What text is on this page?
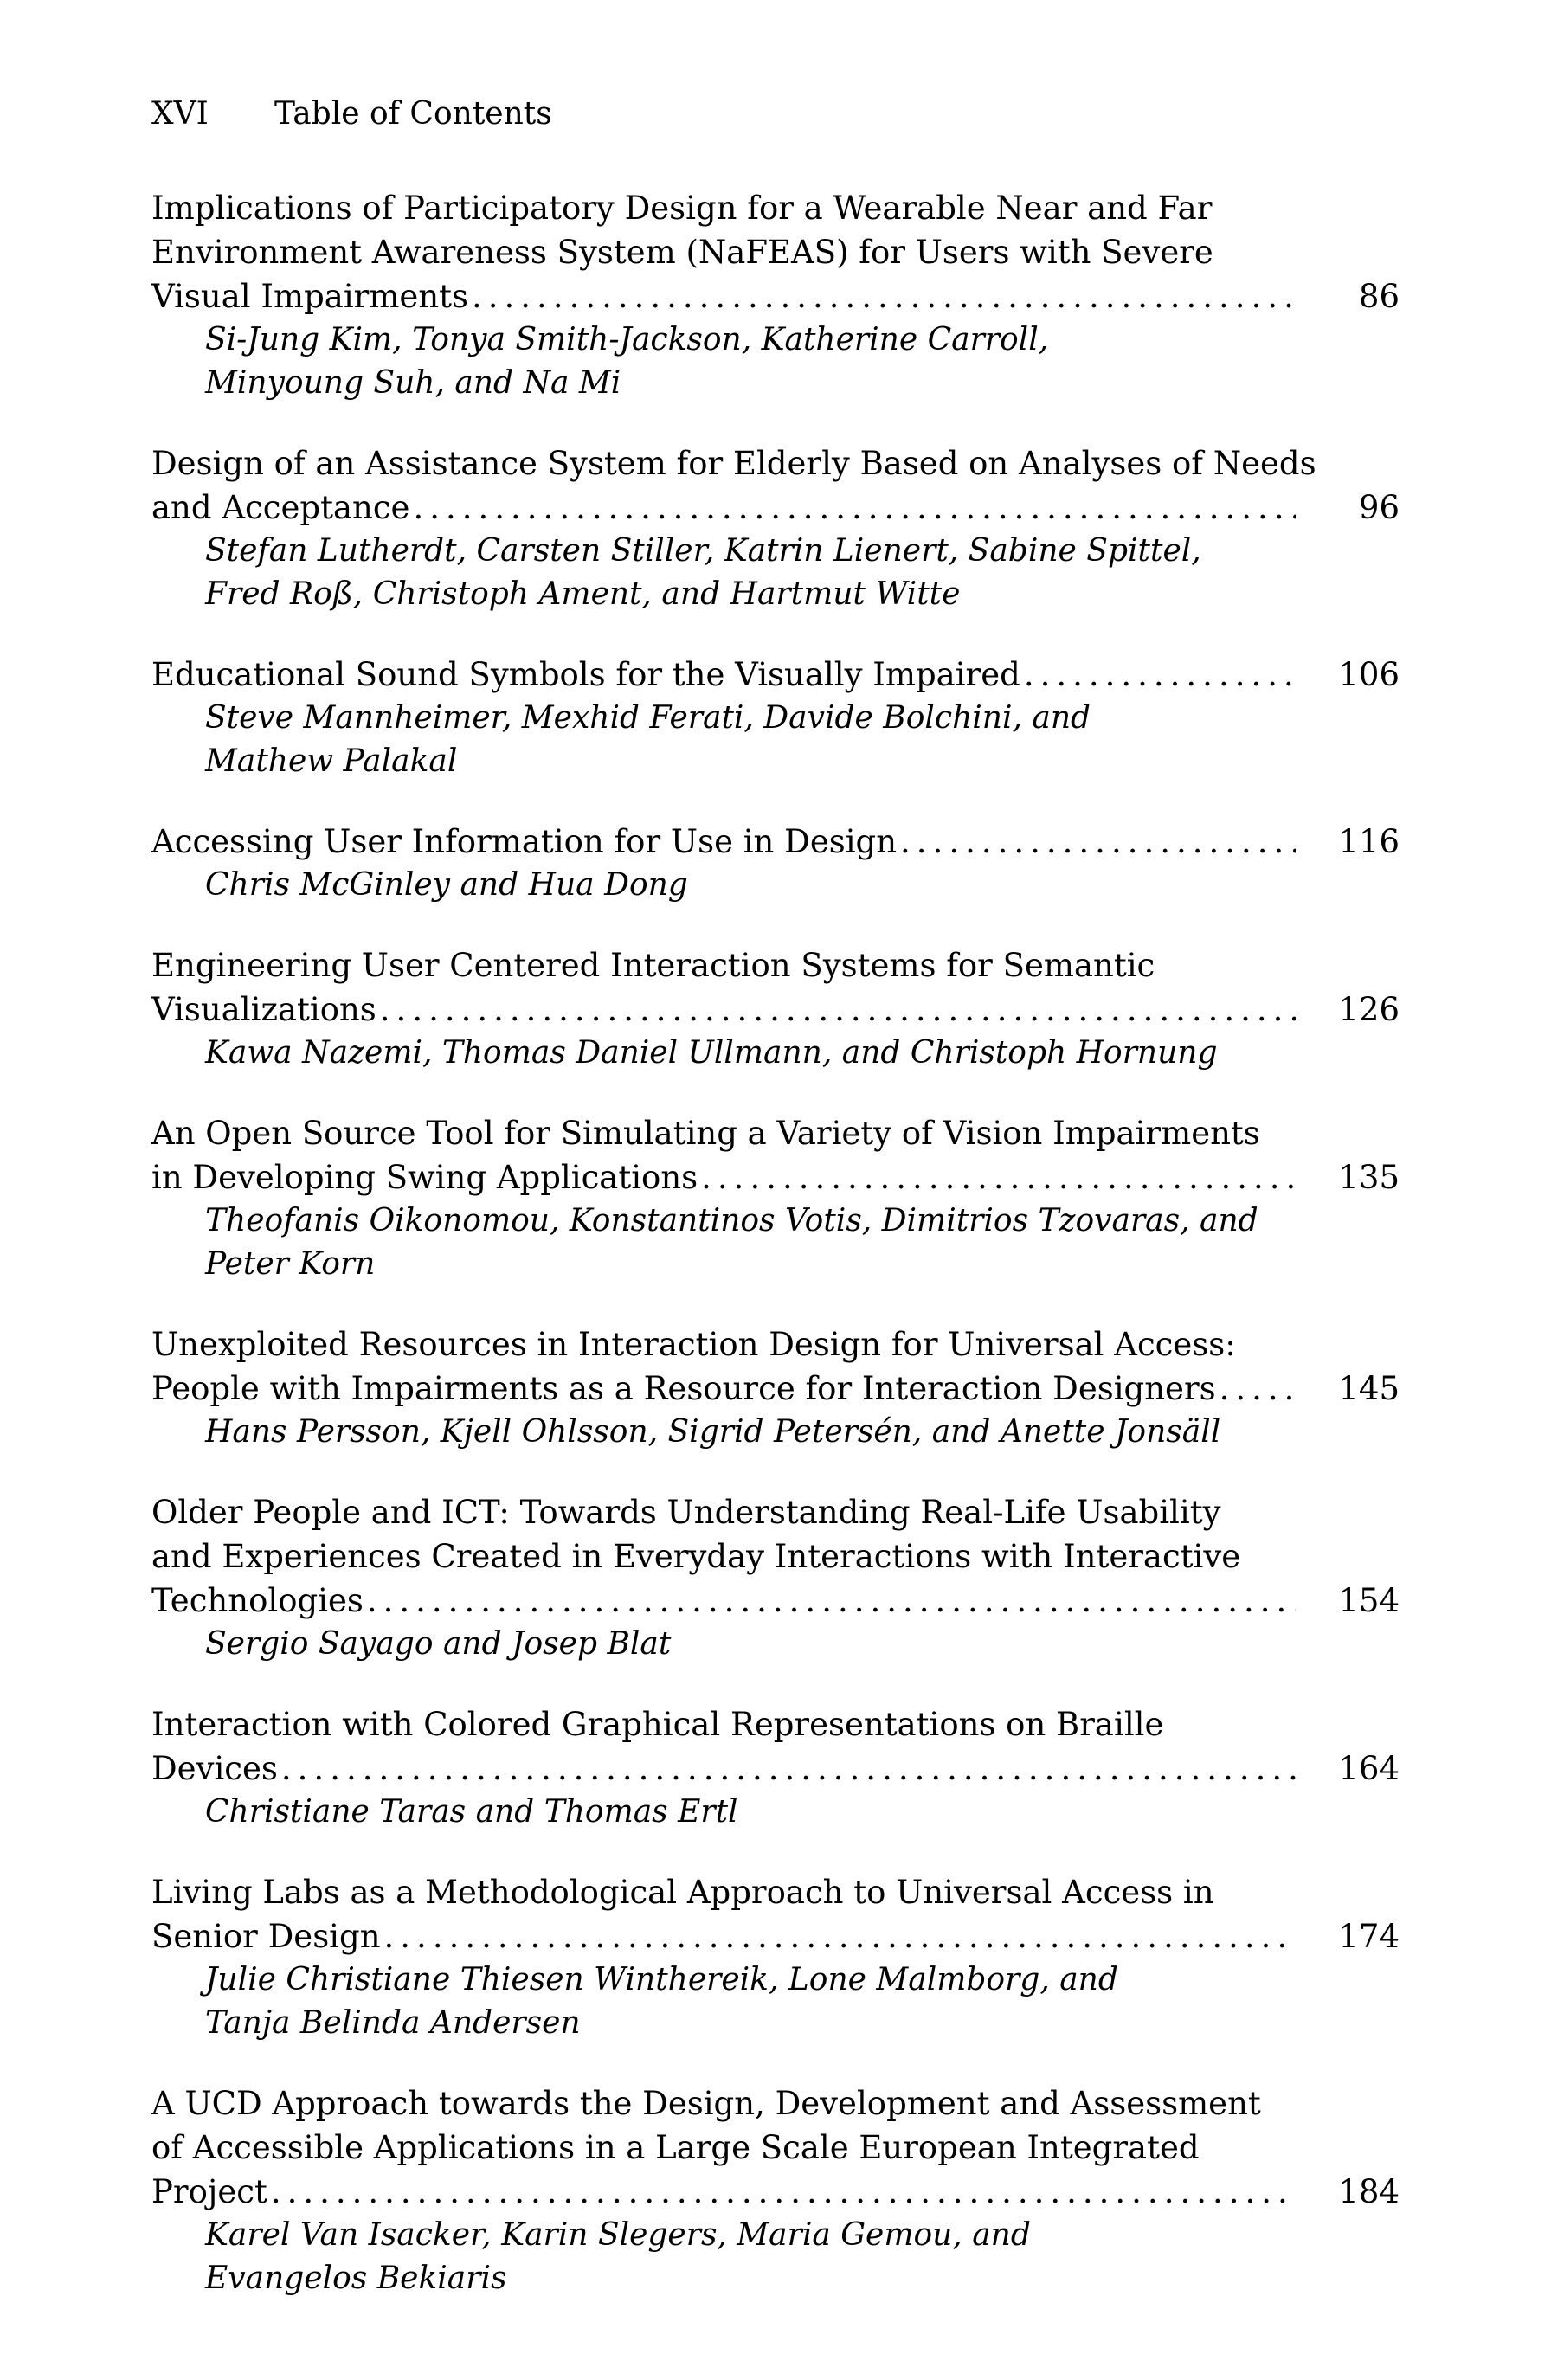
XVI Table of Contents
Implications of Participatory Design for a Wearable Near and Far
Environment Awareness System (NaFEAS) for Users with Severe
Visual Impairments .....	86
Si-Jung Kim, Tonya Smith-Jackson, Katherine Carroll,
Minyoung Suh, and Na Mi
Design of an Assistance System for Elderly Based on Analyses of Needs
and Acceptance .....	96
Stefan Lutherdt, Carsten Stiller, Katrin Lienert, Sabine Spittel,
Fred Roß, Christoph Ament, and Hartmut Witte
Educational Sound Symbols for the Visually Impaired .....	106
Steve Mannheimer, Mexhid Ferati, Davide Bolchini, and
Mathew Palakal
Accessing User Information for Use in Design .....	116
Chris McGinley and Hua Dong
Engineering User Centered Interaction Systems for Semantic
Visualizations .....	126
Kawa Nazemi, Thomas Daniel Ullmann, and Christoph Hornung
An Open Source Tool for Simulating a Variety of Vision Impairments
in Developing Swing Applications .....	135
Theofanis Oikonomou, Konstantinos Votis, Dimitrios Tzovaras, and
Peter Korn
Unexploited Resources in Interaction Design for Universal Access:
People with Impairments as a Resource for Interaction Designers .....	145
Hans Persson, Kjell Ohlsson, Sigrid Petersén, and Anette Jonsäll
Older People and ICT: Towards Understanding Real-Life Usability
and Experiences Created in Everyday Interactions with Interactive
Technologies .....	154
Sergio Sayago and Josep Blat
Interaction with Colored Graphical Representations on Braille
Devices .....	164
Christiane Taras and Thomas Ertl
Living Labs as a Methodological Approach to Universal Access in
Senior Design .....	174
Julie Christiane Thiesen Winthereik, Lone Malmborg, and
Tanja Belinda Andersen
A UCD Approach towards the Design, Development and Assessment
of Accessible Applications in a Large Scale European Integrated
Project .....	184
Karel Van Isacker, Karin Slegers, Maria Gemou, and
Evangelos Bekiaris
